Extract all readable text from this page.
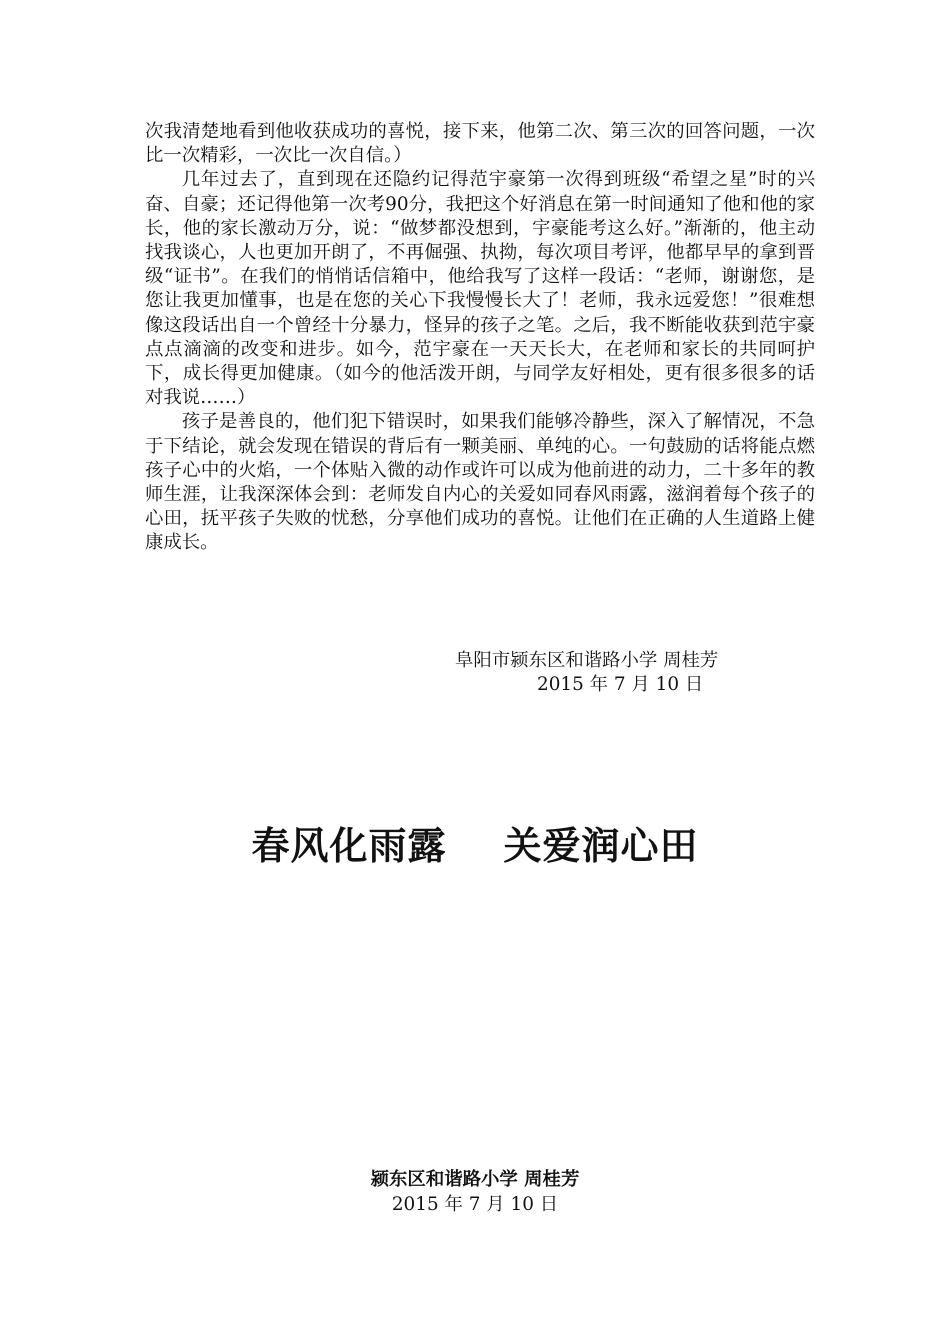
次我清楚地看到他收获成功的喜悦，接下来，他第二次、第三次的回答问题，一次比一次精彩，一次比一次自信。）

几年过去了，直到现在还隐约记得范宇豪第一次得到班级“希望之星”时的兴奋、自豪；还记得他第一次考90分，我把这个好消息在第一时间通知了他和他的家长，他的家长激动万分，说：“做梦都没想到，宇豪能考这么好。”渐渐的，他主动找我谈心，人也更加开朗了，不再倔强、执拗，每次项目考评，他都早早的拿到晋级“证书”。在我们的悄悄话信箱中，他给我写了这样一段话：“老师，谢谢您，是您让我更加懂事，也是在您的关心下我慢慢长大了！老师，我永远爱您！”很难想像这段话出自一个曾经十分暴力，怪异的孩子之笔。之后，我不断能收获到范宇豪点点滴滴的改变和进步。如今，范宇豪在一天天长大，在老师和家长的共同呵护下，成长得更加健康。（如今的他活泼开朗，与同学友好相处，更有很多很多的话对我说……）

孩子是善良的，他们犯下错误时，如果我们能够冷静些，深入了解情况，不急于下结论，就会发现在错误的背后有一颗美丽、单纯的心。一句鼓励的话将能点燃孩子心中的火焰，一个体贴入微的动作或许可以成为他前进的动力，二十多年的教师生涯，让我深深体会到：老师发自内心的关爱如同春风雨露，滋润着每个孩子的心田，抚平孩子失败的忧愁，分享他们成功的喜悦。让他们在正确的人生道路上健康成长。

阜阳市颍东区和谐路小学 周桂芳
2015 年 7 月 10 日
春风化雨露    关爱润心田
颍东区和谐路小学 周桂芳
2015 年 7 月 10 日
